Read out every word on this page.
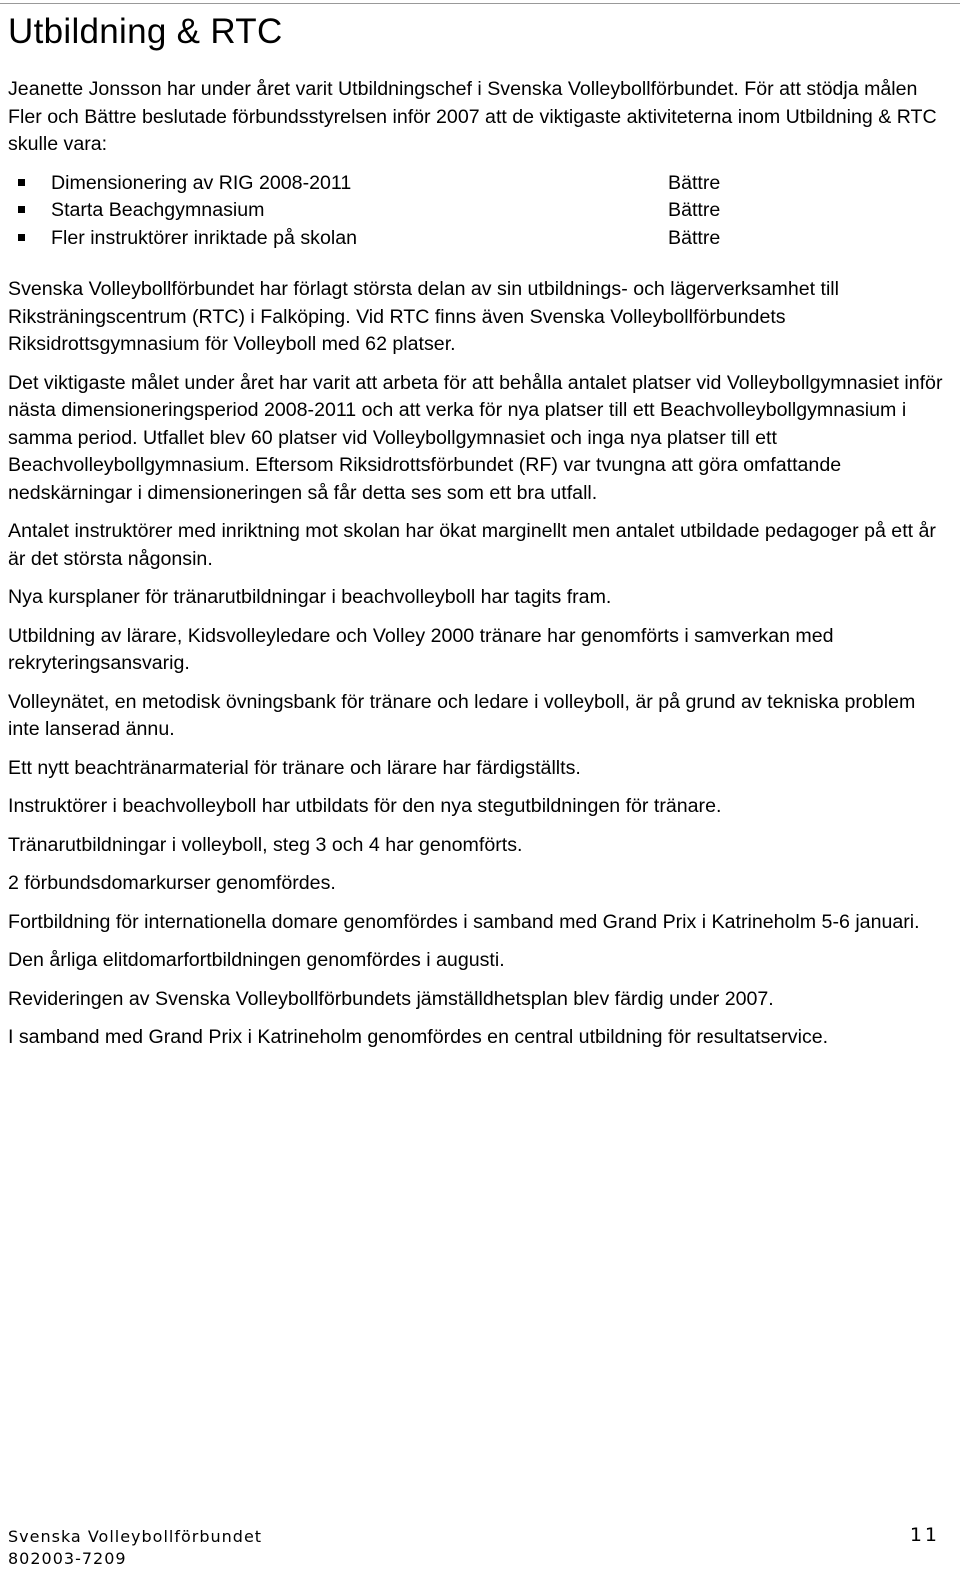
Utbildning & RTC

Jeanette Jonsson har under året varit Utbildningschef i Svenska Volleybollförbundet. För att stödja målen Fler och Bättre beslutade förbundsstyrelsen inför 2007 att de viktigaste aktiviteterna inom Utbildning & RTC skulle vara:

Dimensionering av RIG 2008-2011	Bättre
Starta Beachgymnasium	Bättre
Fler instruktörer inriktade på skolan	Bättre

Svenska Volleybollförbundet har förlagt största delan av sin utbildnings- och lägerverksamhet till Riksträningscentrum (RTC) i Falköping. Vid RTC finns även Svenska Volleybollförbundets Riksidrottsgymnasium för Volleyboll med 62 platser.

Det viktigaste målet under året har varit att arbeta för att behålla antalet platser vid Volleybollgymnasiet inför nästa dimensioneringsperiod 2008-2011 och att verka för nya platser till ett Beachvolleybollgymnasium i samma period. Utfallet blev 60 platser vid Volleybollgymnasiet och inga nya platser till ett Beachvolleybollgymnasium. Eftersom Riksidrottsförbundet (RF) var tvungna att göra omfattande nedskärningar i dimensioneringen så får detta ses som ett bra utfall.

Antalet instruktörer med inriktning mot skolan har ökat marginellt men antalet utbildade pedagoger på ett år är det största någonsin.

Nya kursplaner för tränarutbildningar i beachvolleyboll har tagits fram.

Utbildning av lärare, Kidsvolleyledare och Volley 2000 tränare har genomförts i samverkan med rekryteringsansvarig.

Volleynätet, en metodisk övningsbank för tränare och ledare i volleyboll, är på grund av tekniska problem inte lanserad ännu.

Ett nytt beachtränarmaterial för tränare och lärare har färdigställts.

Instruktörer i beachvolleyboll har utbildats för den nya stegutbildningen för tränare.

Tränarutbildningar i volleyboll, steg 3 och 4 har genomförts.

2 förbundsdomarkurser genomfördes.

Fortbildning för internationella domare genomfördes i samband med Grand Prix i Katrineholm 5-6 januari.

Den årliga elitdomarfortbildningen genomfördes i augusti.

Revideringen av Svenska Volleybollförbundets jämställdhetsplan blev färdig under 2007.

I samband med Grand Prix i Katrineholm genomfördes en central utbildning för resultatservice.

Svenska Volleybollförbundet	11
802003-7209
